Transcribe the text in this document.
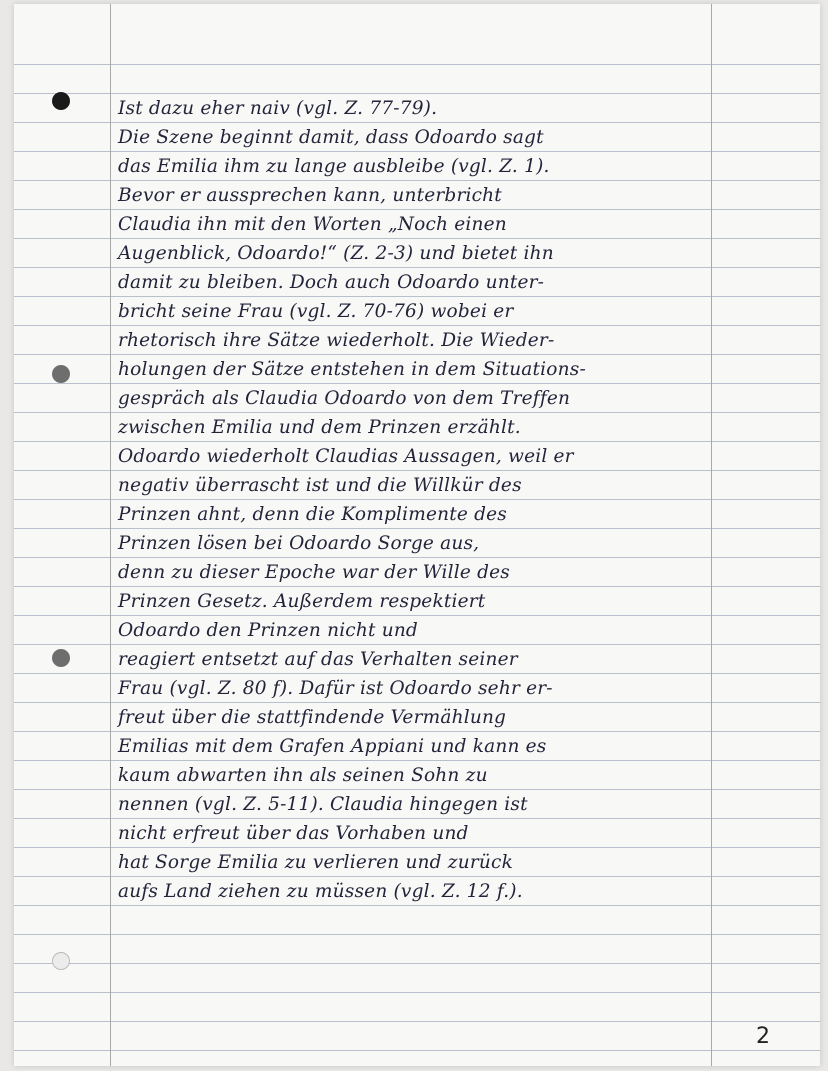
Ist dazu eher naiv (vgl. Z. 77-79).
Die Szene beginnt damit, dass Odoardo sagt
das Emilia ihm zu lange ausbleibe (vgl. Z. 1).
Bevor er aussprechen kann, unterbricht
Claudia ihn mit den Worten „Noch einen
Augenblick, Odoardo!“ (Z. 2-3) und bietet ihn
damit zu bleiben. Doch auch Odoardo unter-
bricht seine Frau (vgl. Z. 70-76) wobei er
rhetorisch ihre Sätze wiederholt. Die Wieder-
holungen der Sätze entstehen in dem Situations-
gespräch als Claudia Odoardo von dem Treffen
zwischen Emilia und dem Prinzen erzählt.
Odoardo wiederholt Claudias Aussagen, weil er
negativ überrascht ist und die Willkür des
Prinzen ahnt, denn die Komplimente des
Prinzen lösen bei Odoardo Sorge aus,
denn zu dieser Epoche war der Wille des
Prinzen Gesetz. Außerdem respektiert
Odoardo den Prinzen nicht und
reagiert entsetzt auf das Verhalten seiner
Frau (vgl. Z. 80 f). Dafür ist Odoardo sehr er-
freut über die stattfindende Vermählung
Emilias mit dem Grafen Appiani und kann es
kaum abwarten ihn als seinen Sohn zu
nennen (vgl. Z. 5-11). Claudia hingegen ist
nicht erfreut über das Vorhaben und
hat Sorge Emilia zu verlieren und zurück
aufs Land ziehen zu müssen (vgl. Z. 12 f.).
2
